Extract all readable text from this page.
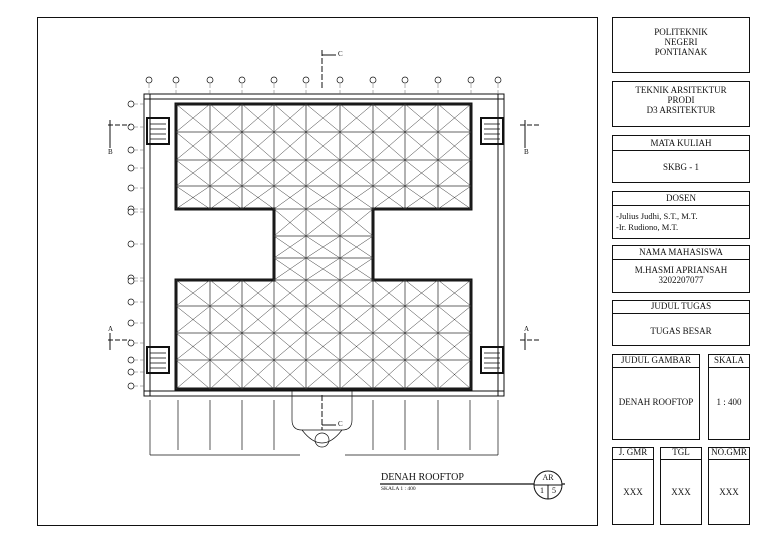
B	B
A	A
C
C
DENAH ROOFTOP
SKALA 1 : 400
AR
1	5
POLITEKNIK
NEGERI
PONTIANAK
TEKNIK ARSITEKTUR
PRODI
D3 ARSITEKTUR
MATA KULIAH
SKBG - 1
DOSEN
-Julius Judhi, S.T., M.T.
-Ir. Rudiono, M.T.
NAMA MAHASISWA
M.HASMI APRIANSAH
3202207077
JUDUL TUGAS
TUGAS BESAR
JUDUL GAMBAR
DENAH ROOFTOP
SKALA
1 : 400
J. GMR
XXX
TGL
XXX
NO.GMR
XXX
